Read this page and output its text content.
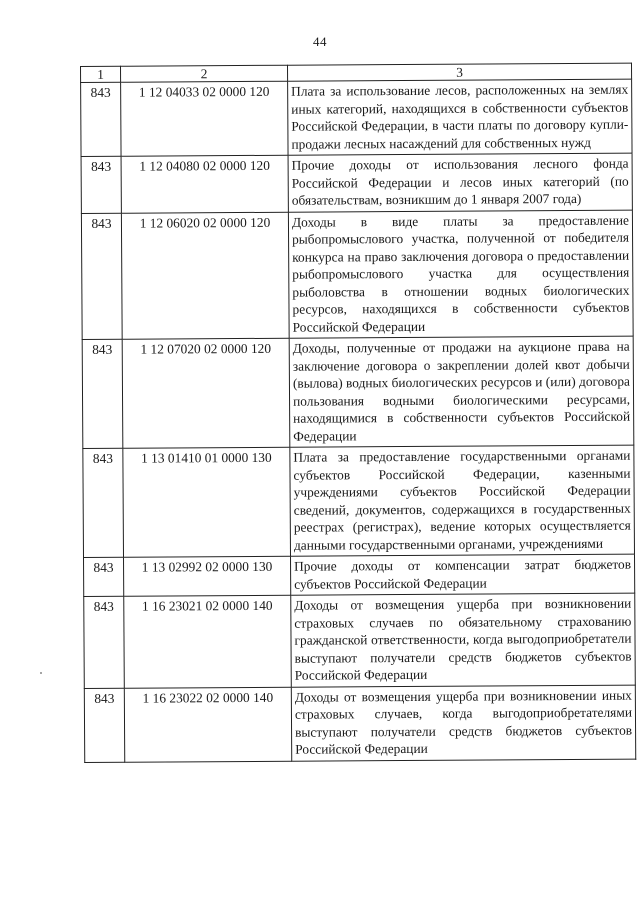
44
1	2	3
843	1 12 04033 02 0000 120	Плата за использование лесов, расположенных на землях иных категорий, находящихся в собственности субъектов Российской Федерации, в части платы по договору купли-продажи лесных насаждений для собственных нужд
843	1 12 04080 02 0000 120	Прочие доходы от использования лесного фонда Российской Федерации и лесов иных категорий (по обязательствам, возникшим до 1 января 2007 года)
843	1 12 06020 02 0000 120	Доходы в виде платы за предоставление рыбопромыслового участка, полученной от победителя конкурса на право заключения договора о предоставлении рыбопромыслового участка для осуществления рыболовства в отношении водных биологических ресурсов, находящихся в собственности субъектов Российской Федерации
843	1 12 07020 02 0000 120	Доходы, полученные от продажи на аукционе права на заключение договора о закреплении долей квот добычи (вылова) водных биологических ресурсов и (или) договора пользования водными биологическими ресурсами, находящимися в собственности субъектов Российской Федерации
843	1 13 01410 01 0000 130	Плата за предоставление государственными органами субъектов Российской Федерации, казенными учреждениями субъектов Российской Федерации сведений, документов, содержащихся в государственных реестрах (регистрах), ведение которых осуществляется данными государственными органами, учреждениями
843	1 13 02992 02 0000 130	Прочие доходы от компенсации затрат бюджетов субъектов Российской Федерации
843	1 16 23021 02 0000 140	Доходы от возмещения ущерба при возникновении страховых случаев по обязательному страхованию гражданской ответственности, когда выгодоприобретатели выступают получатели средств бюджетов субъектов Российской Федерации
843	1 16 23022 02 0000 140	Доходы от возмещения ущерба при возникновении иных страховых случаев, когда выгодоприобретателями выступают получатели средств бюджетов субъектов Российской Федерации
